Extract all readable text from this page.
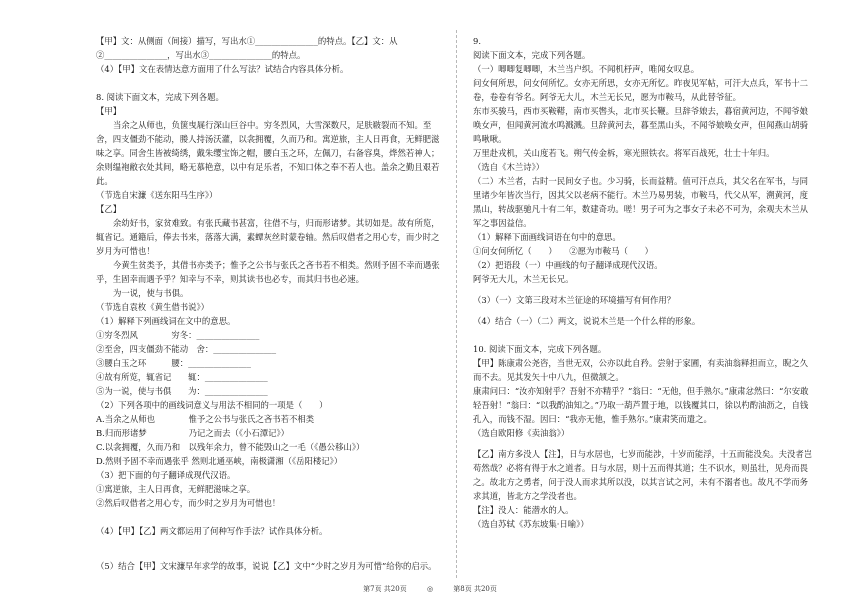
【甲】文：从侧面（间接）描写，写出水①_______________的特点。【乙】文：从

②_______________，写出水③_______________的特点。

（4）【甲】文在表情达意方面用了什么写法？试结合内容具体分析。

8. 阅读下面文本，完成下列各题。

【甲】

当余之从师也，负箧曳屣行深山巨谷中。穷冬烈风，大雪深数尺，足肤皲裂而不知。至舍，四支僵劲不能动，媵人持汤沃灌，以衾拥覆，久而乃和。寓逆旅，主人日再食，无鲜肥滋味之享。同舍生皆被绮绣，戴朱缨宝饰之帽，腰白玉之环，左佩刀，右备容臭，烨然若神人；余则缊袍敝衣处其间，略无慕艳意，以中有足乐者，不知口体之奉不若人也。盖余之勤且艰若此。

（节选自宋濂《送东阳马生序》）

【乙】

余幼好书，家贫难致。有张氏藏书甚富，往借不与，归而形诸梦。其切如是。故有所览，辄省记。通籍后，俸去书来，落落大满，素蟫灰丝时蒙卷轴。然后叹借者之用心专，而少时之岁月为可惜也！

今黄生贫类予，其借书亦类予；惟予之公书与张氏之吝书若不相类。然则予固不幸而遇张乎，生固幸而遇予乎？知幸与不幸，则其读书也必专，而其归书也必速。

为一说，使与书俱。

（节选自袁枚《黄生借书说》）

（1）解释下列画线词在文中的意思。

①穷冬烈风　　　　穷冬：_______________

②至舍，四支僵劲不能动　舍：_______________

③腰白玉之环　　　腰：_______________

④故有所览，辄省记　　辄：_______________

⑤为一说，使与书俱　　为：_______________

（2）下列各项中的画线词意义与用法不相同的一项是（　　）

A.当余之从师也　　　　惟予之公书与张氏之吝书若不相类

B.归而形诸梦　　　　　乃记之而去（《小石潭记》）

C.以衾拥覆，久而乃和　以残年余力，曾不能毁山之一毛（《愚公移山》）

D.然则予固不幸而遇张乎 然则北通巫峡，南极潇湘（《岳阳楼记》）

（3）把下面的句子翻译成现代汉语。

①寓逆旅，主人日再食，无鲜肥滋味之享。

②然后叹借者之用心专，而少时之岁月为可惜也！

（4）【甲】【乙】两文都运用了何种写作手法？试作具体分析。

（5）结合【甲】文宋濂早年求学的故事，说说【乙】文中“少时之岁月为可惜”给你的启示。

9.

阅读下面文本，完成下列各题。

（一）唧唧复唧唧，木兰当户织。不闻机杼声，唯闻女叹息。

问女何所思，问女何所忆。女亦无所思，女亦无所忆。昨夜见军帖，可汗大点兵，军书十二卷，卷卷有爷名。阿爷无大儿，木兰无长兄，愿为市鞍马，从此替爷征。

东市买骏马，西市买鞍鞯，南市买辔头，北市买长鞭。旦辞爷娘去，暮宿黄河边，不闻爷娘唤女声，但闻黄河流水鸣溅溅。旦辞黄河去，暮至黑山头，不闻爷娘唤女声，但闻燕山胡骑鸣啾啾。

万里赴戎机，关山度若飞。朔气传金柝，寒光照铁衣。将军百战死，壮士十年归。

（选自《木兰诗》）

（二）木兰者，古时一民间女子也。少习骑，长而益精。值可汗点兵，其父名在军书，与同里诸少年皆次当行，因其父以老病不能行。木兰乃易男装，市鞍马，代父从军，溯黄河，度黑山，转战驱驰凡十有二年，数建奇功。嗟！男子可为之事女子未必不可为，余观夫木兰从军之事因益信。

（1）解释下面画线词语在句中的意思。

①问女何所忆（　　）　　②愿为市鞍马（　　）

（2）把语段（一）中画线的句子翻译成现代汉语。

阿爷无大儿，木兰无长兄。

（3）（一）文第三段对木兰征途的环境描写有何作用？

（4）结合（一）（二）两文，说说木兰是一个什么样的形象。

10. 阅读下面文本，完成下列各题。

【甲】陈康肃公尧咨，当世无双，公亦以此自矜。尝射于家圃，有卖油翁释担而立，睨之久而不去。见其发矢十中八九，但微颔之。

康肃问曰：“汝亦知射乎？吾射不亦精乎？”翁曰：“无他，但手熟尔。”康肃忿然曰：“尔安敢轻吾射！”翁曰：“以我酌油知之。”乃取一葫芦置于地，以钱覆其口，徐以杓酌油沥之，自钱孔入，而钱不湿。因曰：“我亦无他，惟手熟尔。”康肃笑而遣之。

（选自欧阳修《卖油翁》）

【乙】南方多没人【注】，日与水居也，七岁而能涉，十岁而能浮，十五而能没矣。夫没者岂苟然哉？必将有得于水之道者。日与水居，则十五而得其道；生不识水，则虽壮，见舟而畏之。故北方之勇者，问于没人而求其所以没，以其言试之河，未有不溺者也。故凡不学而务求其道，皆北方之学没者也。

【注】没人：能潜水的人。

（选自苏轼《苏东坡集·日喻》）

第7页 共20页	◎	第8页 共20页
